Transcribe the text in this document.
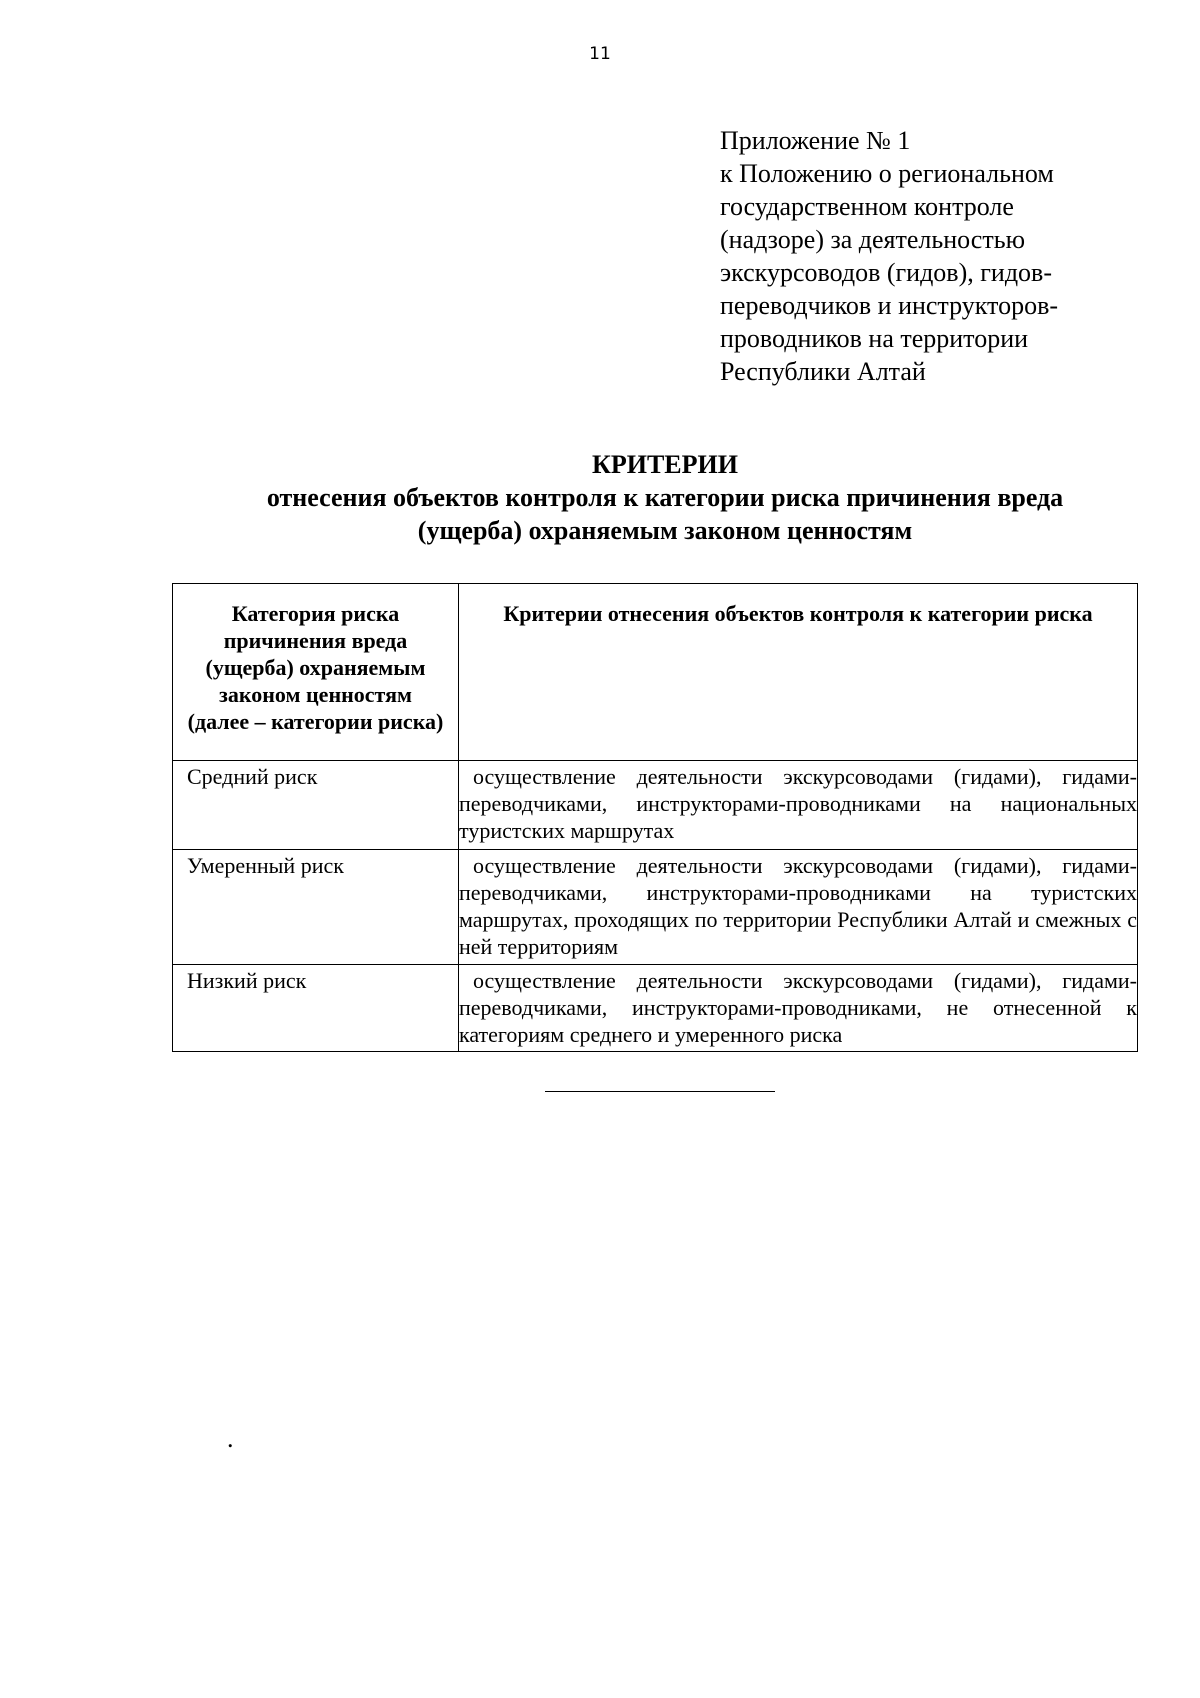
11
Приложение № 1
к Положению о региональном
государственном контроле
(надзоре) за деятельностью
экскурсоводов (гидов), гидов-
переводчиков и инструкторов-
проводников на территории
Республики Алтай
КРИТЕРИИ
отнесения объектов контроля к категории риска причинения вреда
(ущерба) охраняемым законом ценностям
Категория риска
причинения вреда
(ущерба) охраняемым
законом ценностям
(далее – категории риска)	Критерии отнесения объектов контроля к категории риска
Средний риск	осуществление деятельности экскурсоводами (гидами), гидами-переводчиками, инструкторами-проводниками на национальных туристских маршрутах
Умеренный риск	осуществление деятельности экскурсоводами (гидами), гидами-переводчиками, инструкторами-проводниками на туристских маршрутах, проходящих по территории Республики Алтай и смежных с ней территориям
Низкий риск	осуществление деятельности экскурсоводами (гидами), гидами-переводчиками, инструкторами-проводниками, не отнесенной к категориям среднего и умеренного риска
.
